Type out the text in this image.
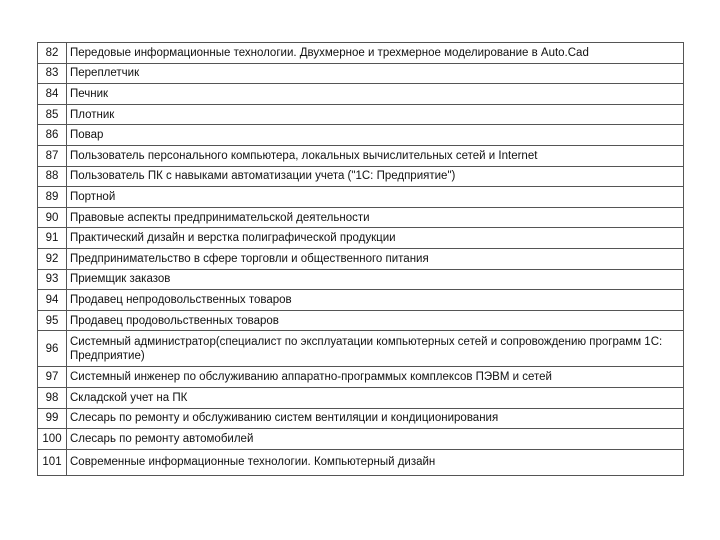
82	Передовые информационные технологии. Двухмерное и трехмерное моделирование в Auto.Cad
83	Переплетчик
84	Печник
85	Плотник
86	Повар
87	Пользователь персонального компьютера, локальных вычислительных сетей и Internet
88	Пользователь ПК с навыками автоматизации учета ("1С: Предприятие")
89	Портной
90	Правовые аспекты предпринимательской деятельности
91	Практический дизайн и верстка полиграфической продукции
92	Предпринимательство в сфере торговли и общественного питания
93	Приемщик заказов
94	Продавец непродовольственных товаров
95	Продавец продовольственных товаров
96	Системный администратор(специалист по эксплуатации компьютерных сетей и сопровождению программ 1С: Предприятие)
97	Системный инженер по обслуживанию аппаратно-программых комплексов ПЭВМ и сетей
98	Складской учет на ПК
99	Слесарь по ремонту и обслуживанию систем вентиляции и кондиционирования
100	Слесарь по ремонту автомобилей
101	Современные информационные технологии. Компьютерный дизайн
